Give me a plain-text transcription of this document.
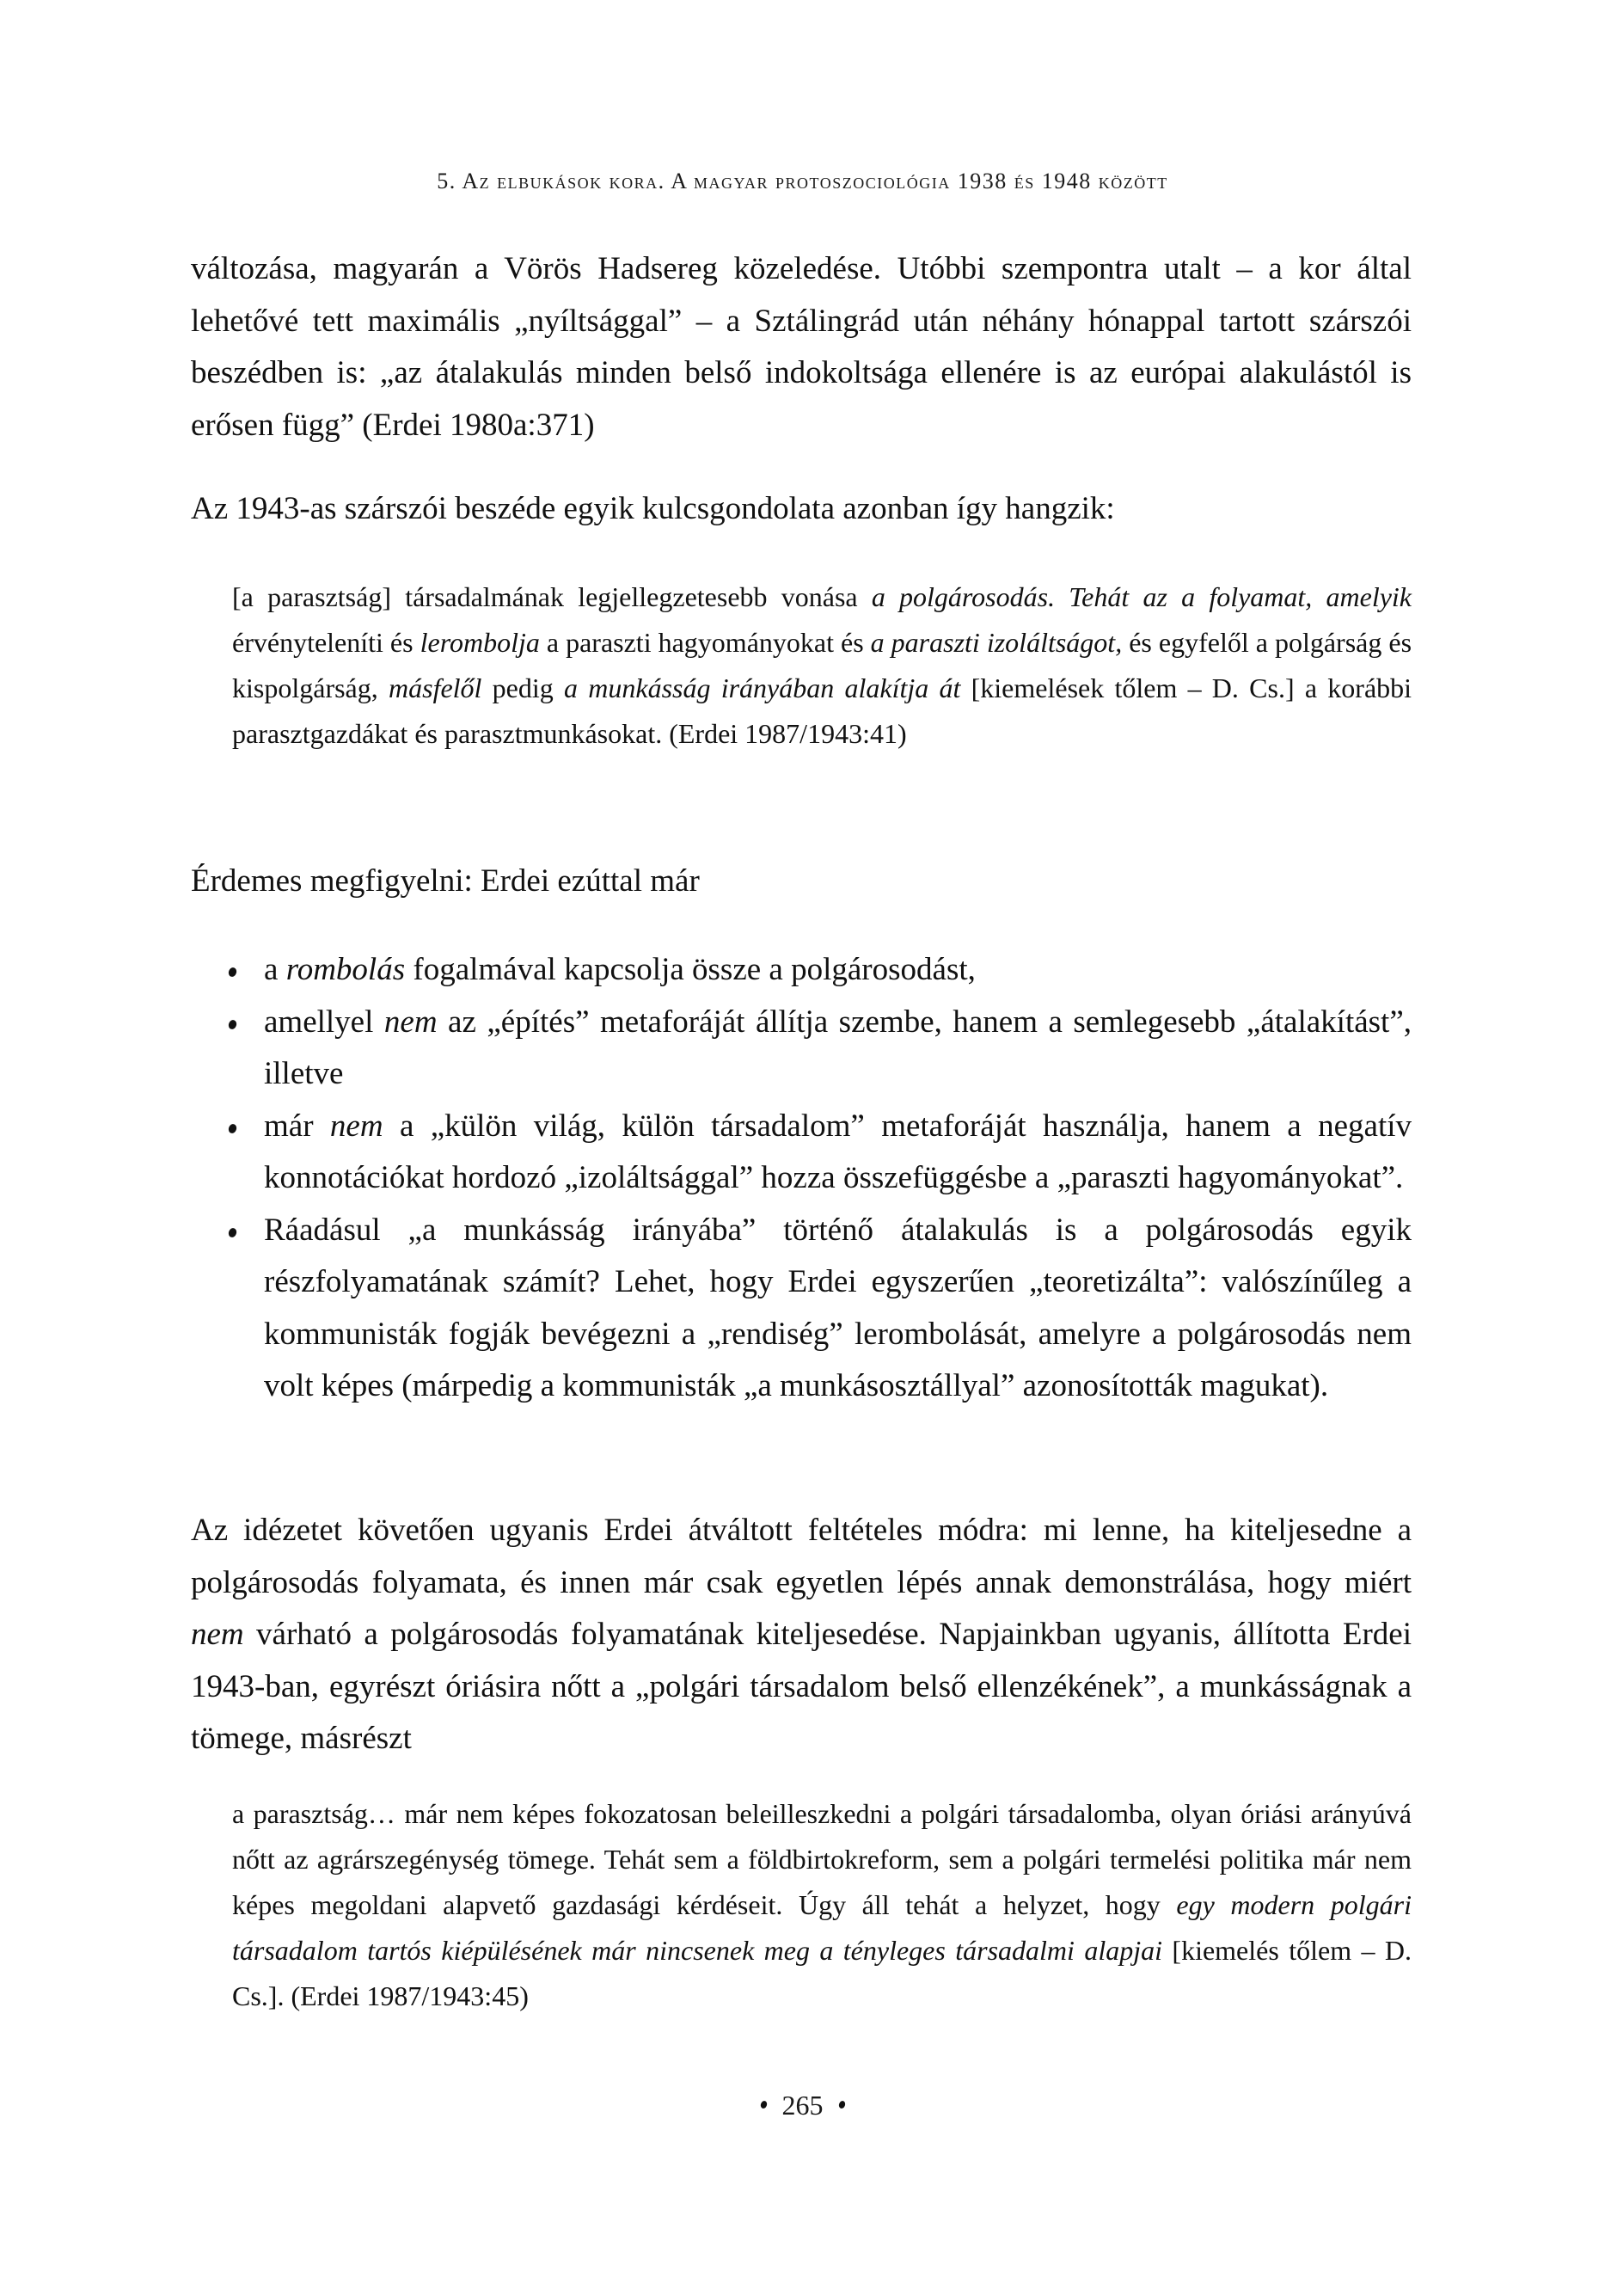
5. Az elbukások kora. A magyar protoszociológia 1938 és 1948 között

változása, magyarán a Vörös Hadsereg közeledése. Utóbbi szempontra utalt – a kor által lehetővé tett maximális „nyíltsággal” – a Sztálingrád után néhány hónappal tartott szárszói beszédben is: „az átalakulás minden belső indokoltsága ellenére is az európai alakulástól is erősen függ” (Erdei 1980a:371)

Az 1943-as szárszói beszéde egyik kulcsgondolata azonban így hangzik:

[a parasztság] társadalmának legjellegzetesebb vonása a polgárosodás. Tehát az a folyamat, amelyik érvényteleníti és lerombolja a paraszti hagyományokat és a paraszti izoláltságot, és egyfelől a polgárság és kispolgárság, másfelől pedig a munkásság irányában alakítja át [kiemelések tőlem – D. Cs.] a korábbi parasztgazdákat és parasztmunkásokat. (Erdei 1987/1943:41)

Érdemes megfigyelni: Erdei ezúttal már

a rombolás fogalmával kapcsolja össze a polgárosodást,
amellyel nem az „építés” metaforáját állítja szembe, hanem a semlegesebb „átalakítást”, illetve
már nem a „külön világ, külön társadalom” metaforáját használja, hanem a negatív konnotációkat hordozó „izoláltsággal” hozza összefüggésbe a „paraszti hagyományokat”.
Ráadásul „a munkásság irányába” történő átalakulás is a polgárosodás egyik részfolyamatának számít? Lehet, hogy Erdei egyszerűen „teoretizálta”: valószínűleg a kommunisták fogják bevégezni a „rendiség” lerombolását, amelyre a polgárosodás nem volt képes (márpedig a kommunisták „a munkásosztállyal” azonosították magukat).

Az idézetet követően ugyanis Erdei átváltott feltételes módra: mi lenne, ha kiteljesedne a polgárosodás folyamata, és innen már csak egyetlen lépés annak demonstrálása, hogy miért nem várható a polgárosodás folyamatának kiteljesedése. Napjainkban ugyanis, állította Erdei 1943-ban, egyrészt óriásira nőtt a „polgári társadalom belső ellenzékének”, a munkásságnak a tömege, másrészt

a parasztság… már nem képes fokozatosan beleilleszkedni a polgári társadalomba, olyan óriási arányúvá nőtt az agrárszegénység tömege. Tehát sem a földbirtokreform, sem a polgári termelési politika már nem képes megoldani alapvető gazdasági kérdéseit. Úgy áll tehát a helyzet, hogy egy modern polgári társadalom tartós kiépülésének már nincsenek meg a tényleges társadalmi alapjai [kiemelés tőlem – D. Cs.]. (Erdei 1987/1943:45)

265
